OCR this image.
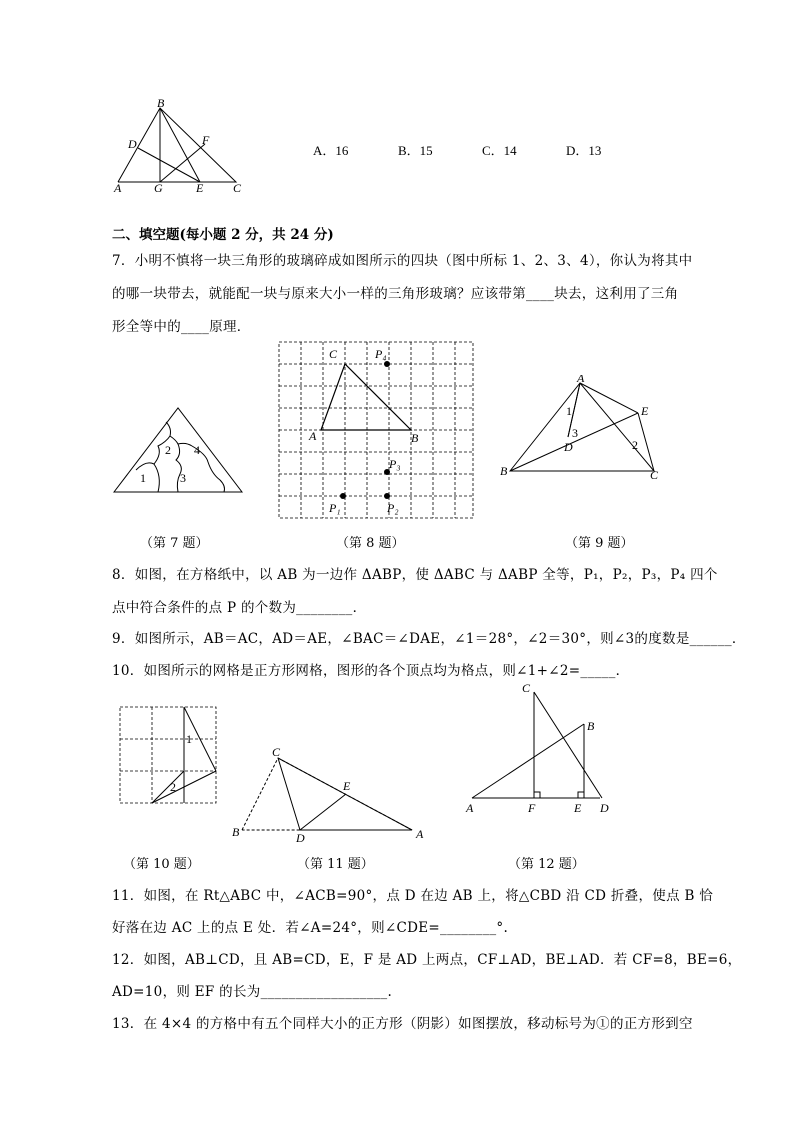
A
B
C
D
E
F
G
A．16	B．15	C．14	D．13
二、填空题(每小题 2 分，共 24 分)
7．小明不慎将一块三角形的玻璃碎成如图所示的四块（图中所标 1、2、3、4），你认为将其中
的哪一块带去，就能配一块与原来大小一样的三角形玻璃？应该带第____块去，这利用了三角
形全等中的____原理．
1
2
3
4
（第 7 题）
A	B
C
P₁	P₂
P₃
P₄
（第 8 题）
A
B	C
D
E
1
2
3
（第 9 题）
8．如图，在方格纸中，以 AB 为一边作 ΔABP，使 ΔABC 与 ΔABP 全等，P₁，P₂，P₃，P₄ 四个
点中符合条件的点 P 的个数为________．
9．如图所示，AB＝AC，AD＝AE，∠BAC＝∠DAE，∠1＝28°，∠2＝30°，则∠3的度数是______．
10．如图所示的网格是正方形网格，图形的各个顶点均为格点，则∠1+∠2=_____．
1
2
（第 10 题）
A
B
C
D
E
（第 11 题）
A
B
C
D
E
F
（第 12 题）
11．如图，在 Rt△ABC 中，∠ACB=90°，点 D 在边 AB 上，将△CBD 沿 CD 折叠，使点 B 恰
好落在边 AC 上的点 E 处．若∠A=24°，则∠CDE=________°.
12．如图，AB⊥CD，且 AB=CD，E，F 是 AD 上两点，CF⊥AD，BE⊥AD．若 CF=8，BE=6，
AD=10，则 EF 的长为__________________.
13．在 4×4 的方格中有五个同样大小的正方形（阴影）如图摆放，移动标号为①的正方形到空
